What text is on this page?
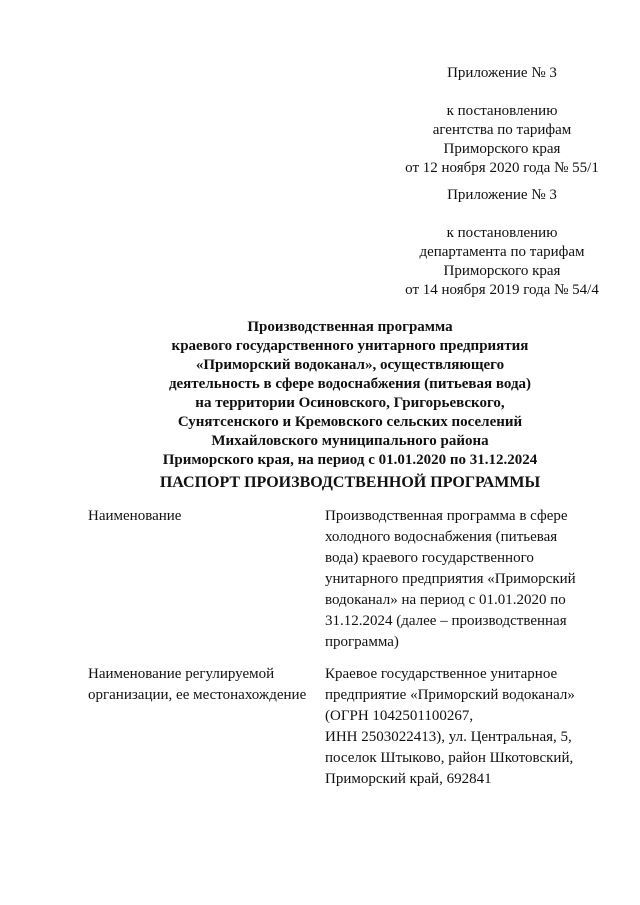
Приложение № 3
к постановлению
агентства по тарифам
Приморского края
от 12 ноября 2020 года № 55/1
Приложение № 3
к постановлению
департамента по тарифам
Приморского края
от 14 ноября 2019 года № 54/4
Производственная программа
краевого государственного унитарного предприятия
«Приморский водоканал», осуществляющего
деятельность в сфере водоснабжения (питьевая вода)
на территории Осиновского, Григорьевского,
Сунятсенского и Кремовского сельских поселений
Михайловского муниципального района
Приморского края, на период с 01.01.2020 по 31.12.2024
ПАСПОРТ ПРОИЗВОДСТВЕННОЙ ПРОГРАММЫ
Наименование	Производственная программа в сфере
холодного водоснабжения (питьевая
вода) краевого государственного
унитарного предприятия «Приморский
водоканал» на период с 01.01.2020 по
31.12.2024 (далее – производственная
программа)
Наименование регулируемой
организации, ее местонахождение
Краевое государственное унитарное
предприятие «Приморский водоканал»
(ОГРН 1042501100267,
ИНН 2503022413), ул. Центральная, 5,
поселок Штыково, район Шкотовский,
Приморский край, 692841
